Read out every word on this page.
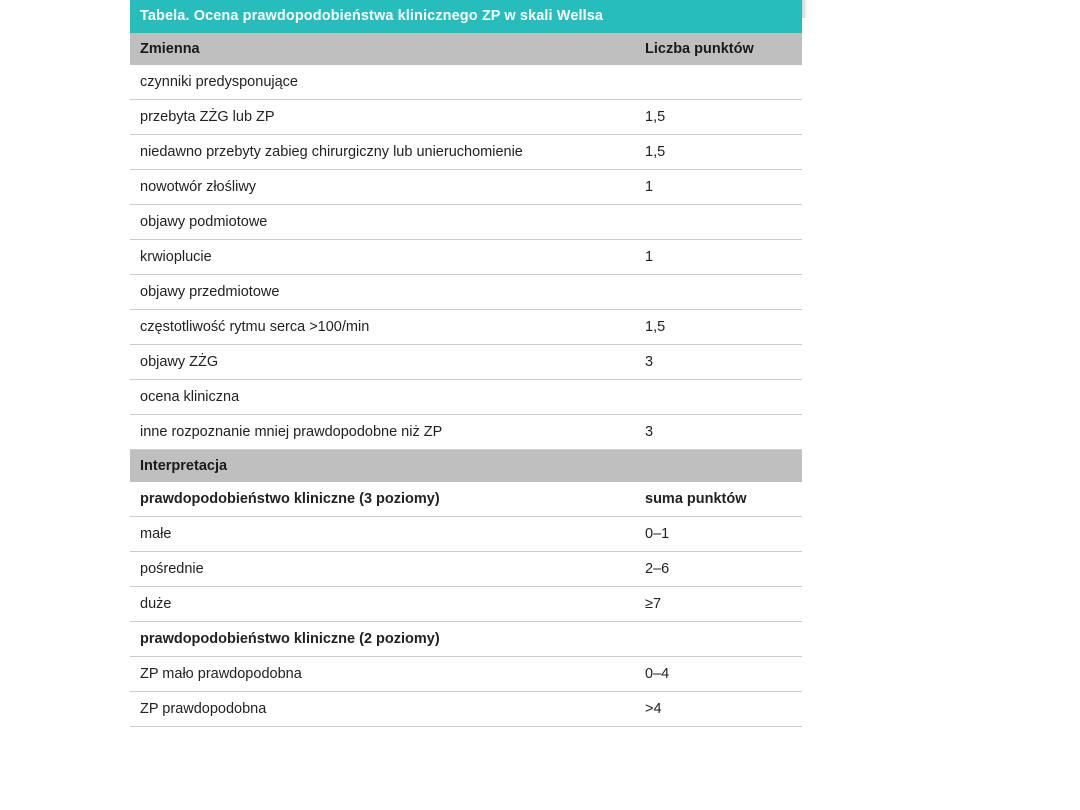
Tabela. Ocena prawdopodobieństwa klinicznego ZP w skali Wellsa	
Zmienna	Liczba punktów
czynniki predysponujące	
przebyta ZŻG lub ZP	1,5
niedawno przebyty zabieg chirurgiczny lub unieruchomienie	1,5
nowotwór złośliwy	1
objawy podmiotowe	
krwioplucie	1
objawy przedmiotowe	
częstotliwość rytmu serca >100/min	1,5
objawy ZŻG	3
ocena kliniczna	
inne rozpoznanie mniej prawdopodobne niż ZP	3
Interpretacja	
prawdopodobieństwo kliniczne (3 poziomy)	suma punktów
małe	0–1
pośrednie	2–6
duże	≥7
prawdopodobieństwo kliniczne (2 poziomy)	
ZP mało prawdopodobna	0–4
ZP prawdopodobna	>4
